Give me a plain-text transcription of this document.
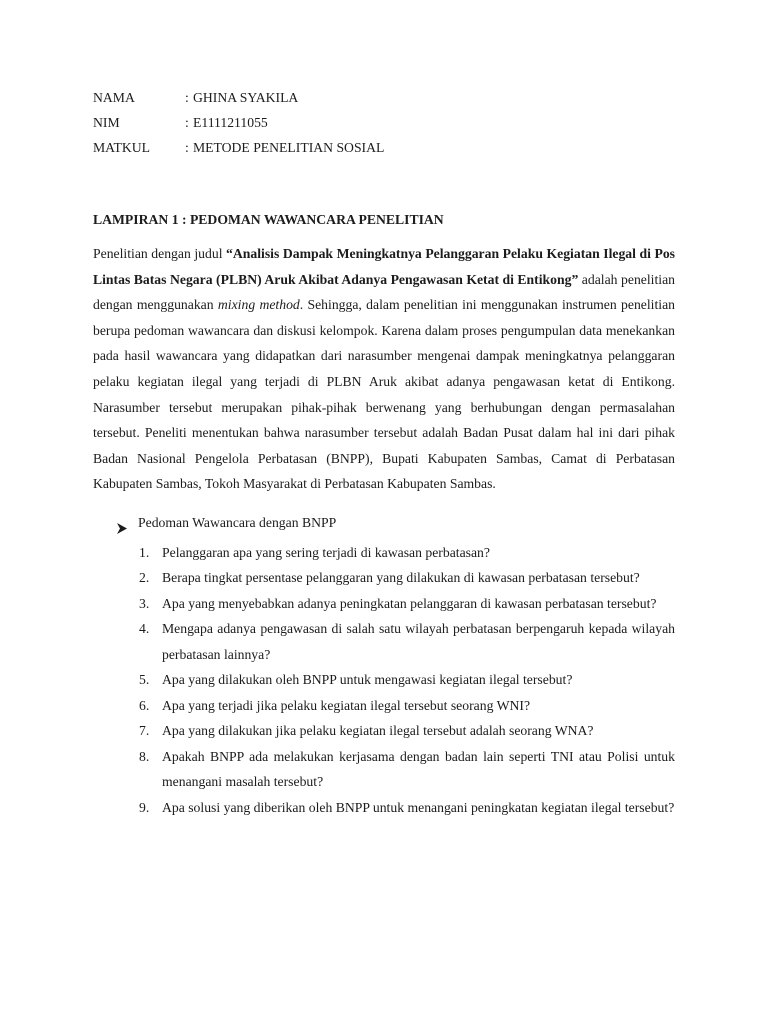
NAMA	: GHINA SYAKILA
NIM	: E1111211055
MATKUL	: METODE PENELITIAN SOSIAL
LAMPIRAN 1 : PEDOMAN WAWANCARA PENELITIAN

Penelitian dengan judul “Analisis Dampak Meningkatnya Pelanggaran Pelaku Kegiatan Ilegal di Pos Lintas Batas Negara (PLBN) Aruk Akibat Adanya Pengawasan Ketat di Entikong” adalah penelitian dengan menggunakan mixing method. Sehingga, dalam penelitian ini menggunakan instrumen penelitian berupa pedoman wawancara dan diskusi kelompok. Karena dalam proses pengumpulan data menekankan pada hasil wawancara yang didapatkan dari narasumber mengenai dampak meningkatnya pelanggaran pelaku kegiatan ilegal yang terjadi di PLBN Aruk akibat adanya pengawasan ketat di Entikong. Narasumber tersebut merupakan pihak-pihak berwenang yang berhubungan dengan permasalahan tersebut. Peneliti menentukan bahwa narasumber tersebut adalah Badan Pusat dalam hal ini dari pihak Badan Nasional Pengelola Perbatasan (BNPP), Bupati Kabupaten Sambas, Camat di Perbatasan Kabupaten Sambas, Tokoh Masyarakat di Perbatasan Kabupaten Sambas.

Pedoman Wawancara dengan BNPP
1. Pelanggaran apa yang sering terjadi di kawasan perbatasan?
2. Berapa tingkat persentase pelanggaran yang dilakukan di kawasan perbatasan tersebut?
3. Apa yang menyebabkan adanya peningkatan pelanggaran di kawasan perbatasan tersebut?
4. Mengapa adanya pengawasan di salah satu wilayah perbatasan berpengaruh kepada wilayah perbatasan lainnya?
5. Apa yang dilakukan oleh BNPP untuk mengawasi kegiatan ilegal tersebut?
6. Apa yang terjadi jika pelaku kegiatan ilegal tersebut seorang WNI?
7. Apa yang dilakukan jika pelaku kegiatan ilegal tersebut adalah seorang WNA?
8. Apakah BNPP ada melakukan kerjasama dengan badan lain seperti TNI atau Polisi untuk menangani masalah tersebut?
9. Apa solusi yang diberikan oleh BNPP untuk menangani peningkatan kegiatan ilegal tersebut?
